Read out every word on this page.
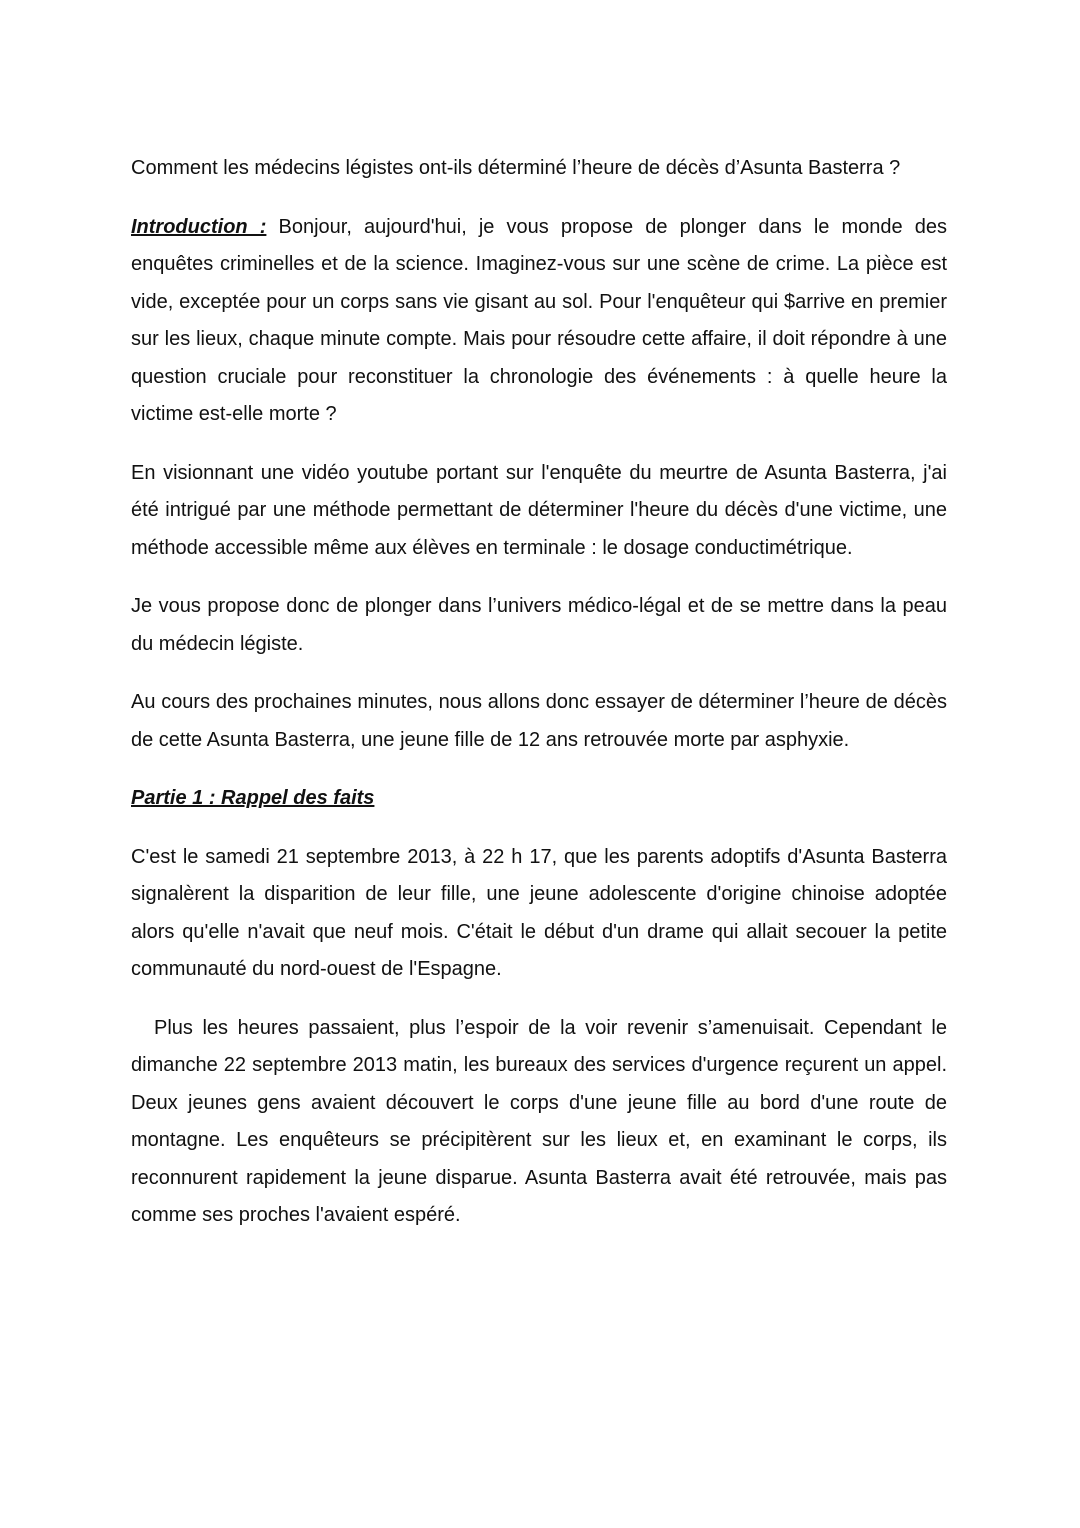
Comment les médecins légistes ont-ils déterminé l’heure de décès d’Asunta Basterra ?

Introduction : Bonjour, aujourd'hui, je vous propose de plonger dans le monde des enquêtes criminelles et de la science. Imaginez-vous sur une scène de crime. La pièce est vide, exceptée pour un corps sans vie gisant au sol. Pour l'enquêteur qui $arrive en premier sur les lieux, chaque minute compte. Mais pour résoudre cette affaire, il doit répondre à une question cruciale pour reconstituer la chronologie des événements : à quelle heure la victime est-elle morte ?

En visionnant une vidéo youtube portant sur l'enquête du meurtre de Asunta Basterra, j'ai été intrigué par une méthode permettant de déterminer l'heure du décès d'une victime, une méthode accessible même aux élèves en terminale : le dosage conductimétrique.

Je vous propose donc de plonger dans l’univers médico-légal et de se mettre dans la peau du médecin légiste.

Au cours des prochaines minutes, nous allons donc essayer de déterminer l’heure de décès de cette Asunta Basterra, une jeune fille de 12 ans retrouvée morte par asphyxie.

Partie 1 : Rappel des faits

C'est le samedi 21 septembre 2013, à 22 h 17, que les parents adoptifs d'Asunta Basterra signalèrent la disparition de leur fille, une jeune adolescente d'origine chinoise adoptée alors qu'elle n'avait que neuf mois. C'était le début d'un drame qui allait secouer la petite communauté du nord-ouest de l'Espagne.

Plus les heures passaient, plus l’espoir de la voir revenir s’amenuisait. Cependant le dimanche 22 septembre 2013 matin, les bureaux des services d'urgence reçurent un appel. Deux jeunes gens avaient découvert le corps d'une jeune fille au bord d'une route de montagne. Les enquêteurs se précipitèrent sur les lieux et, en examinant le corps, ils reconnurent rapidement la jeune disparue. Asunta Basterra avait été retrouvée, mais pas comme ses proches l'avaient espéré.
